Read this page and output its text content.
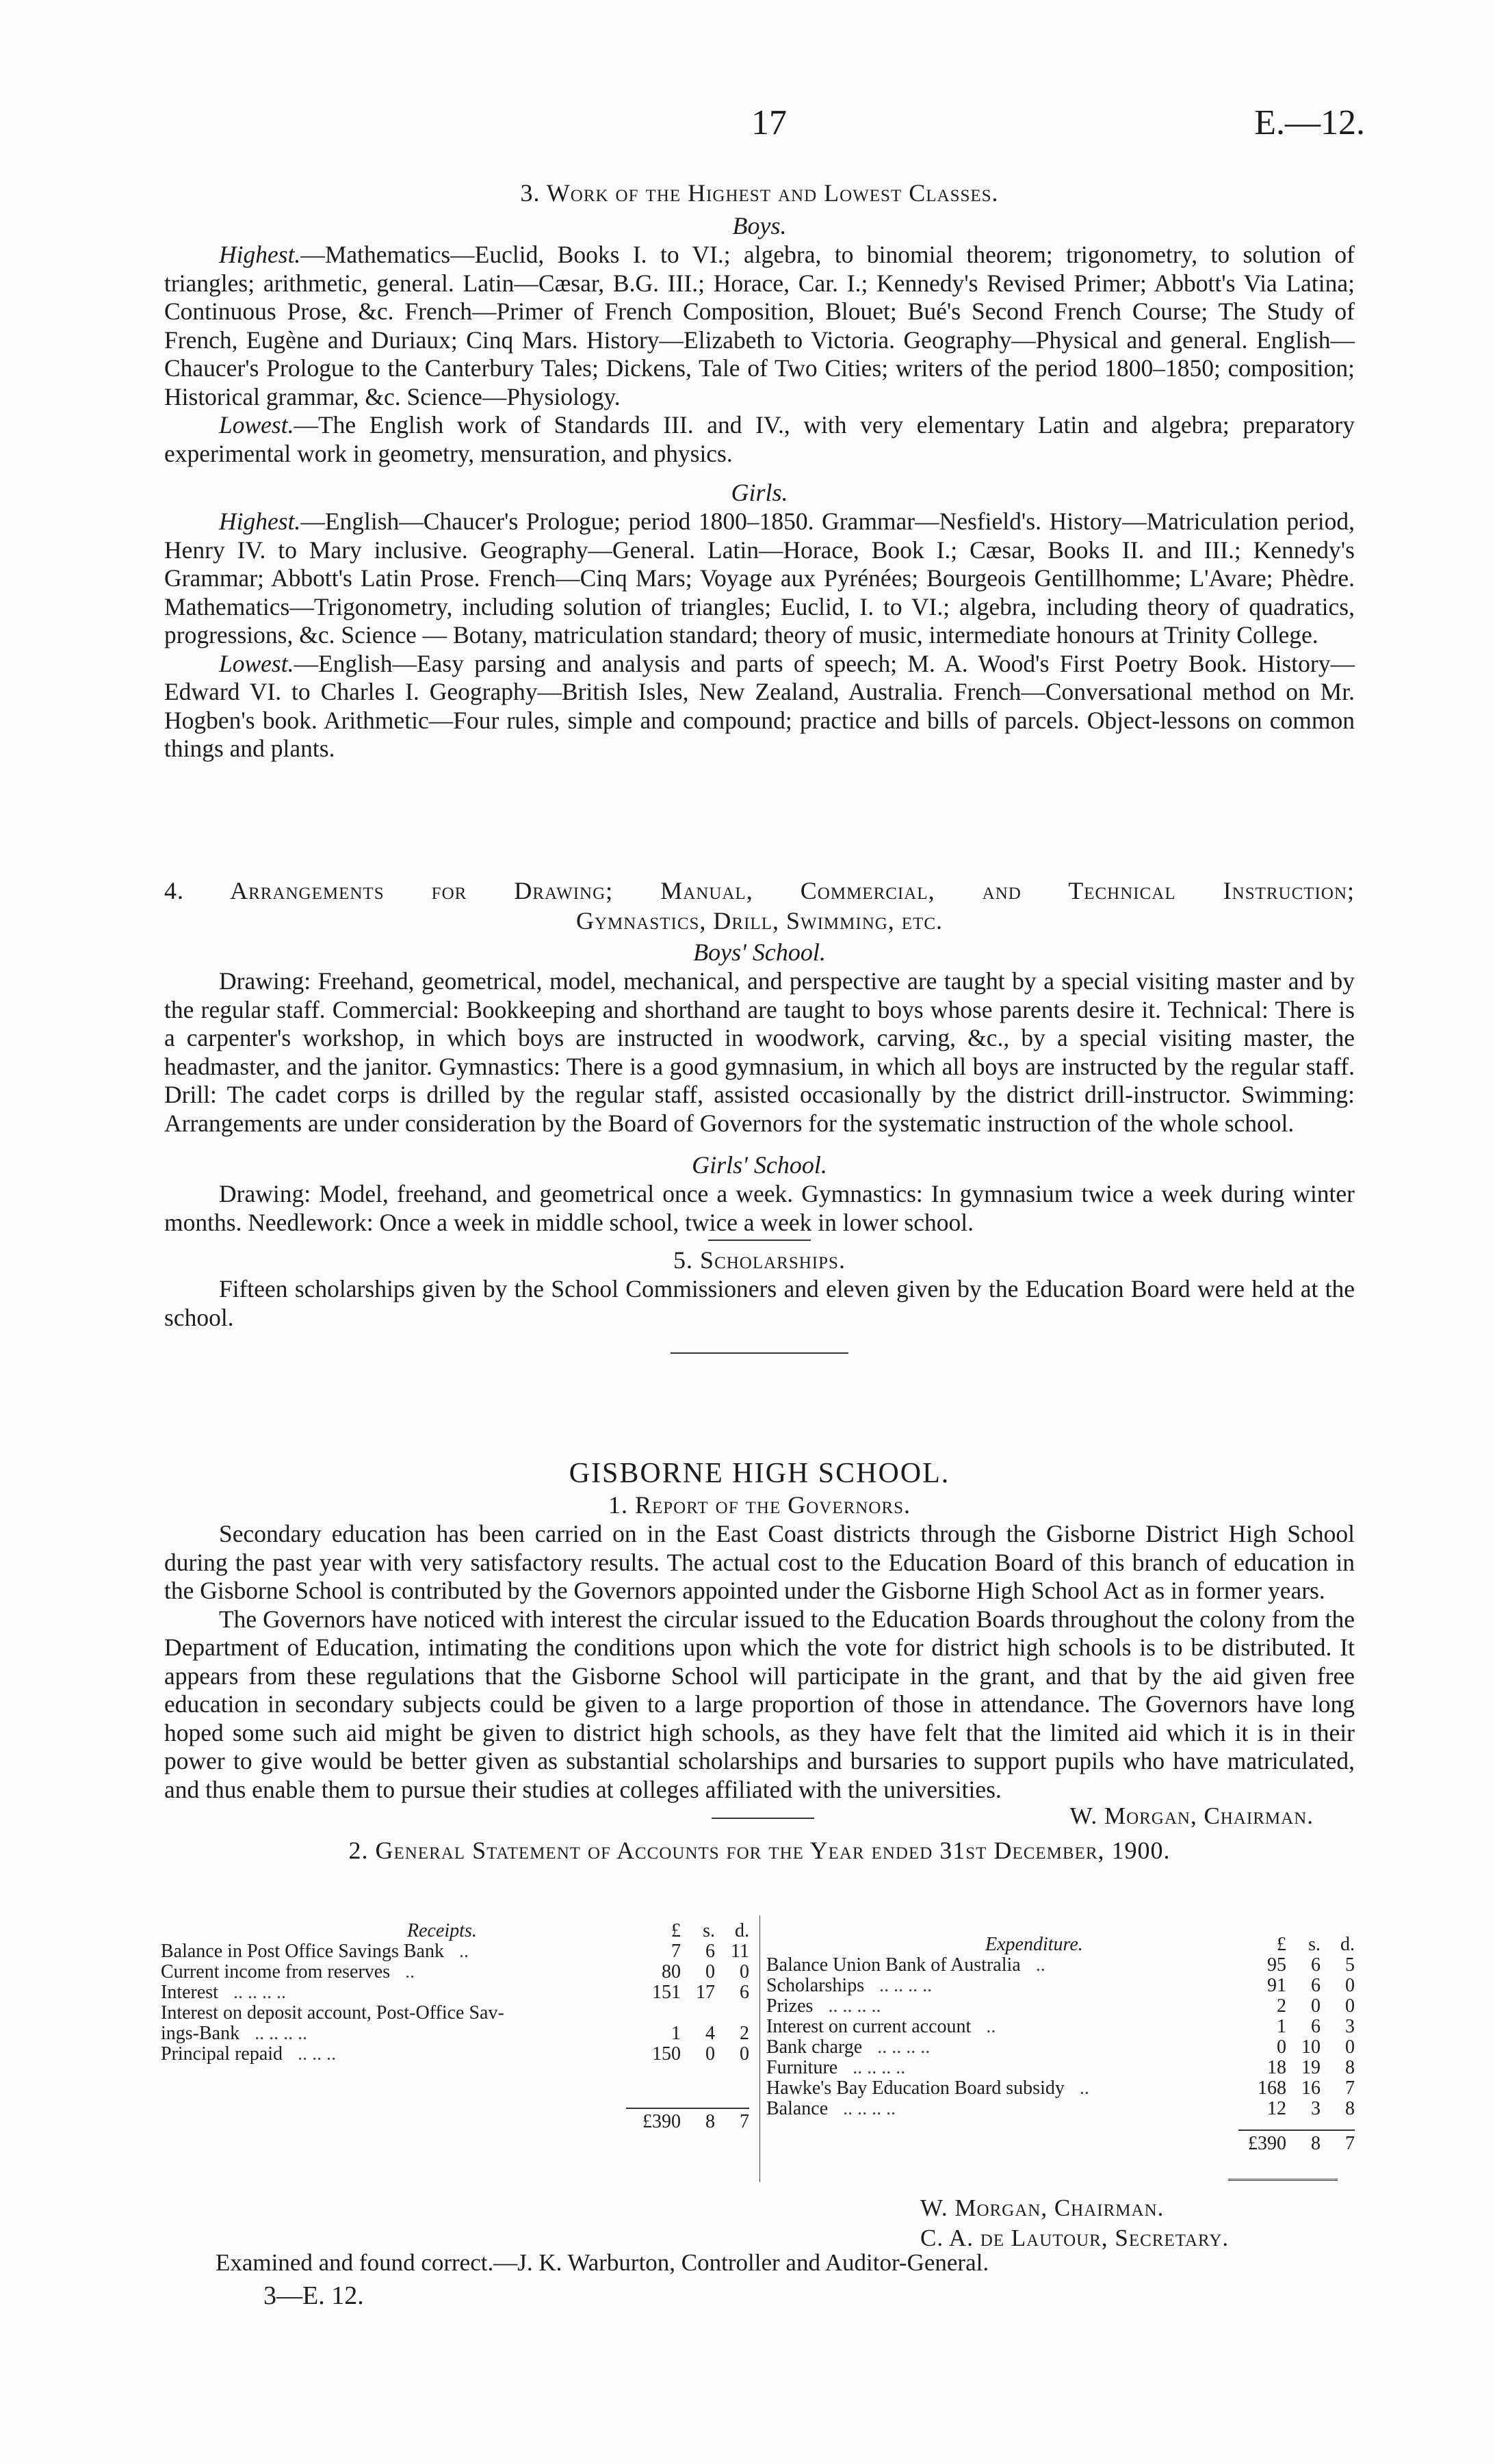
17	E.—12.
3. Work of the Highest and Lowest Classes.
Boys.

Highest.—Mathematics—Euclid, Books I. to VI.; algebra, to binomial theorem; trigonometry, to solution of triangles; arithmetic, general. Latin—Cæsar, B.G. III.; Horace, Car. I.; Kennedy's Revised Primer; Abbott's Via Latina; Continuous Prose, &c. French—Primer of French Composition, Blouet; Bué's Second French Course; The Study of French, Eugène and Duriaux; Cinq Mars. History—Elizabeth to Victoria. Geography—Physical and general. English—Chaucer's Prologue to the Canterbury Tales; Dickens, Tale of Two Cities; writers of the period 1800–1850; composition; Historical grammar, &c. Science—Physiology.

Lowest.—The English work of Standards III. and IV., with very elementary Latin and algebra; preparatory experimental work in geometry, mensuration, and physics.

Girls.

Highest.—English—Chaucer's Prologue; period 1800–1850. Grammar—Nesfield's. History—Matriculation period, Henry IV. to Mary inclusive. Geography—General. Latin—Horace, Book I.; Cæsar, Books II. and III.; Kennedy's Grammar; Abbott's Latin Prose. French—Cinq Mars; Voyage aux Pyrénées; Bourgeois Gentillhomme; L'Avare; Phèdre. Mathematics—Trigonometry, including solution of triangles; Euclid, I. to VI.; algebra, including theory of quadratics, progressions, &c. Science — Botany, matriculation standard; theory of music, intermediate honours at Trinity College.

Lowest.—English—Easy parsing and analysis and parts of speech; M. A. Wood's First Poetry Book. History—Edward VI. to Charles I. Geography—British Isles, New Zealand, Australia. French—Conversational method on Mr. Hogben's book. Arithmetic—Four rules, simple and compound; practice and bills of parcels. Object-lessons on common things and plants.

4. Arrangements for Drawing; Manual, Commercial, and Technical Instruction;
Gymnastics, Drill, Swimming, etc.
Boys' School.

Drawing: Freehand, geometrical, model, mechanical, and perspective are taught by a special visiting master and by the regular staff. Commercial: Bookkeeping and shorthand are taught to boys whose parents desire it. Technical: There is a carpenter's workshop, in which boys are instructed in woodwork, carving, &c., by a special visiting master, the headmaster, and the janitor. Gymnastics: There is a good gymnasium, in which all boys are instructed by the regular staff. Drill: The cadet corps is drilled by the regular staff, assisted occasionally by the district drill-instructor. Swimming: Arrangements are under consideration by the Board of Governors for the systematic instruction of the whole school.

Girls' School.

Drawing: Model, freehand, and geometrical once a week. Gymnastics: In gymnasium twice a week during winter months. Needlework: Once a week in middle school, twice a week in lower school.

5. Scholarships.

Fifteen scholarships given by the School Commissioners and eleven given by the Education Board were held at the school.

GISBORNE HIGH SCHOOL.
1. Report of the Governors.

Secondary education has been carried on in the East Coast districts through the Gisborne District High School during the past year with very satisfactory results. The actual cost to the Education Board of this branch of education in the Gisborne School is contributed by the Governors appointed under the Gisborne High School Act as in former years.

The Governors have noticed with interest the circular issued to the Education Boards throughout the colony from the Department of Education, intimating the conditions upon which the vote for district high schools is to be distributed. It appears from these regulations that the Gisborne School will participate in the grant, and that by the aid given free education in secondary subjects could be given to a large proportion of those in attendance. The Governors have long hoped some such aid might be given to district high schools, as they have felt that the limited aid which it is in their power to give would be better given as substantial scholarships and bursaries to support pupils who have matriculated, and thus enable them to pursue their studies at colleges affiliated with the universities.

W. Morgan, Chairman.
2. General Statement of Accounts for the Year ended 31st December, 1900.
Receipts.	£	s.	d.
Balance in Post Office Savings Bank ..	7	6	11
Current income from reserves ..	80	0	0
Interest .. .. .. ..	151	17	6
Interest on deposit account, Post-Office Sav-			
ings-Bank .. .. .. ..	1	4	2
Principal repaid .. .. ..	150	0	0

	£390	8	7
Expenditure.	£	s.	d.
Balance Union Bank of Australia ..	95	6	5
Scholarships .. .. .. ..	91	6	0
Prizes .. .. .. ..	2	0	0
Interest on current account ..	1	6	3
Bank charge .. .. .. ..	0	10	0
Furniture .. .. .. ..	18	19	8
Hawke's Bay Education Board subsidy ..	168	16	7
Balance .. .. .. ..	12	3	8

	£390	8	7
W. Morgan, Chairman.
C. A. de Lautour, Secretary.
Examined and found correct.—J. K. Warburton, Controller and Auditor-General.
3—E. 12.
